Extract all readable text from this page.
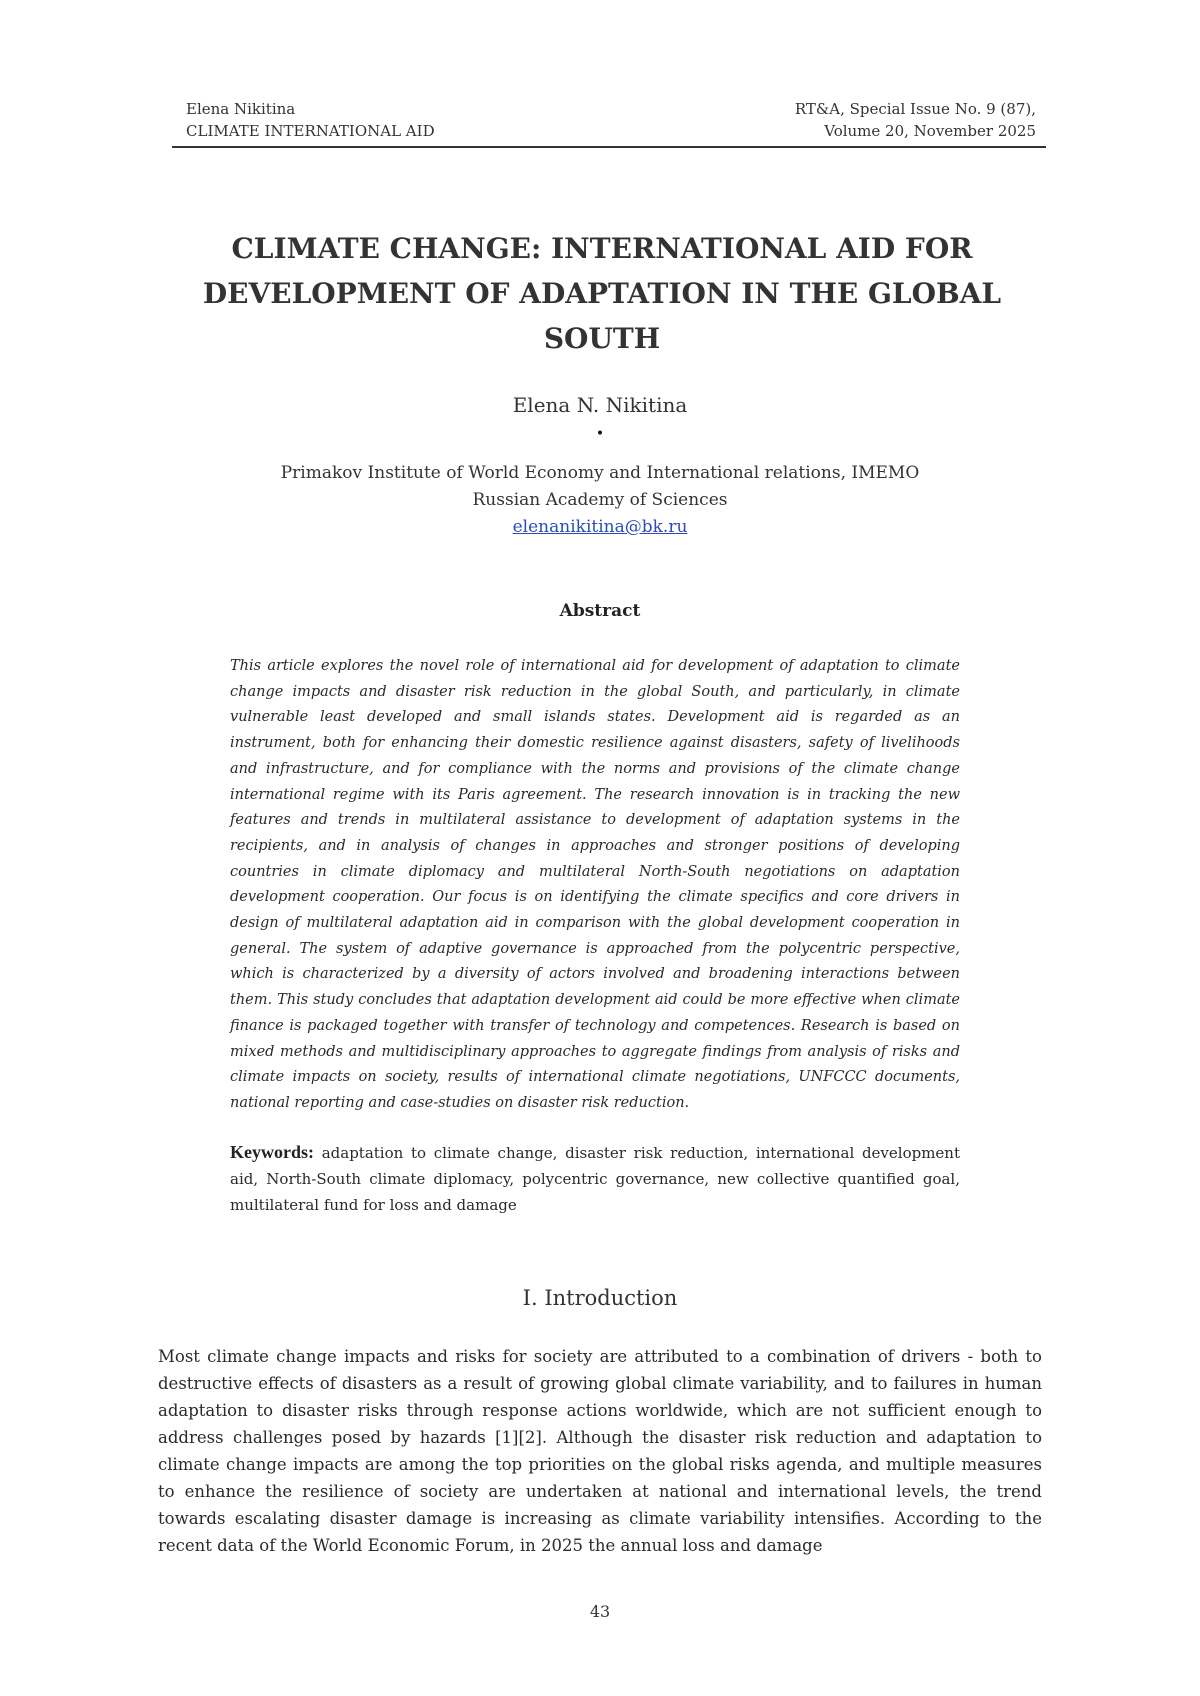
Elena Nikitina
CLIMATE INTERNATIONAL AID
RT&A, Special Issue No. 9 (87),
Volume 20, November 2025
CLIMATE CHANGE: INTERNATIONAL AID FOR DEVELOPMENT OF ADAPTATION IN THE GLOBAL SOUTH
Elena N. Nikitina
•
Primakov Institute of World Economy and International relations, IMEMO
Russian Academy of Sciences
elenanikitina@bk.ru
Abstract

This article explores the novel role of international aid for development of adaptation to climate change impacts and disaster risk reduction in the global South, and particularly, in climate vulnerable least developed and small islands states. Development aid is regarded as an instrument, both for enhancing their domestic resilience against disasters, safety of livelihoods and infrastructure, and for compliance with the norms and provisions of the climate change international regime with its Paris agreement. The research innovation is in tracking the new features and trends in multilateral assistance to development of adaptation systems in the recipients, and in analysis of changes in approaches and stronger positions of developing countries in climate diplomacy and multilateral North-South negotiations on adaptation development cooperation. Our focus is on identifying the climate specifics and core drivers in design of multilateral adaptation aid in comparison with the global development cooperation in general. The system of adaptive governance is approached from the polycentric perspective, which is characterized by a diversity of actors involved and broadening interactions between them. This study concludes that adaptation development aid could be more effective when climate finance is packaged together with transfer of technology and competences. Research is based on mixed methods and multidisciplinary approaches to aggregate findings from analysis of risks and climate impacts on society, results of international climate negotiations, UNFCCC documents, national reporting and case-studies on disaster risk reduction.

Keywords: adaptation to climate change, disaster risk reduction, international development aid, North-South climate diplomacy, polycentric governance, new collective quantified goal, multilateral fund for loss and damage

I. Introduction

Most climate change impacts and risks for society are attributed to a combination of drivers - both to destructive effects of disasters as a result of growing global climate variability, and to failures in human adaptation to disaster risks through response actions worldwide, which are not sufficient enough to address challenges posed by hazards [1][2]. Although the disaster risk reduction and adaptation to climate change impacts are among the top priorities on the global risks agenda, and multiple measures to enhance the resilience of society are undertaken at national and international levels, the trend towards escalating disaster damage is increasing as climate variability intensifies. According to the recent data of the World Economic Forum, in 2025 the annual loss and damage

43
